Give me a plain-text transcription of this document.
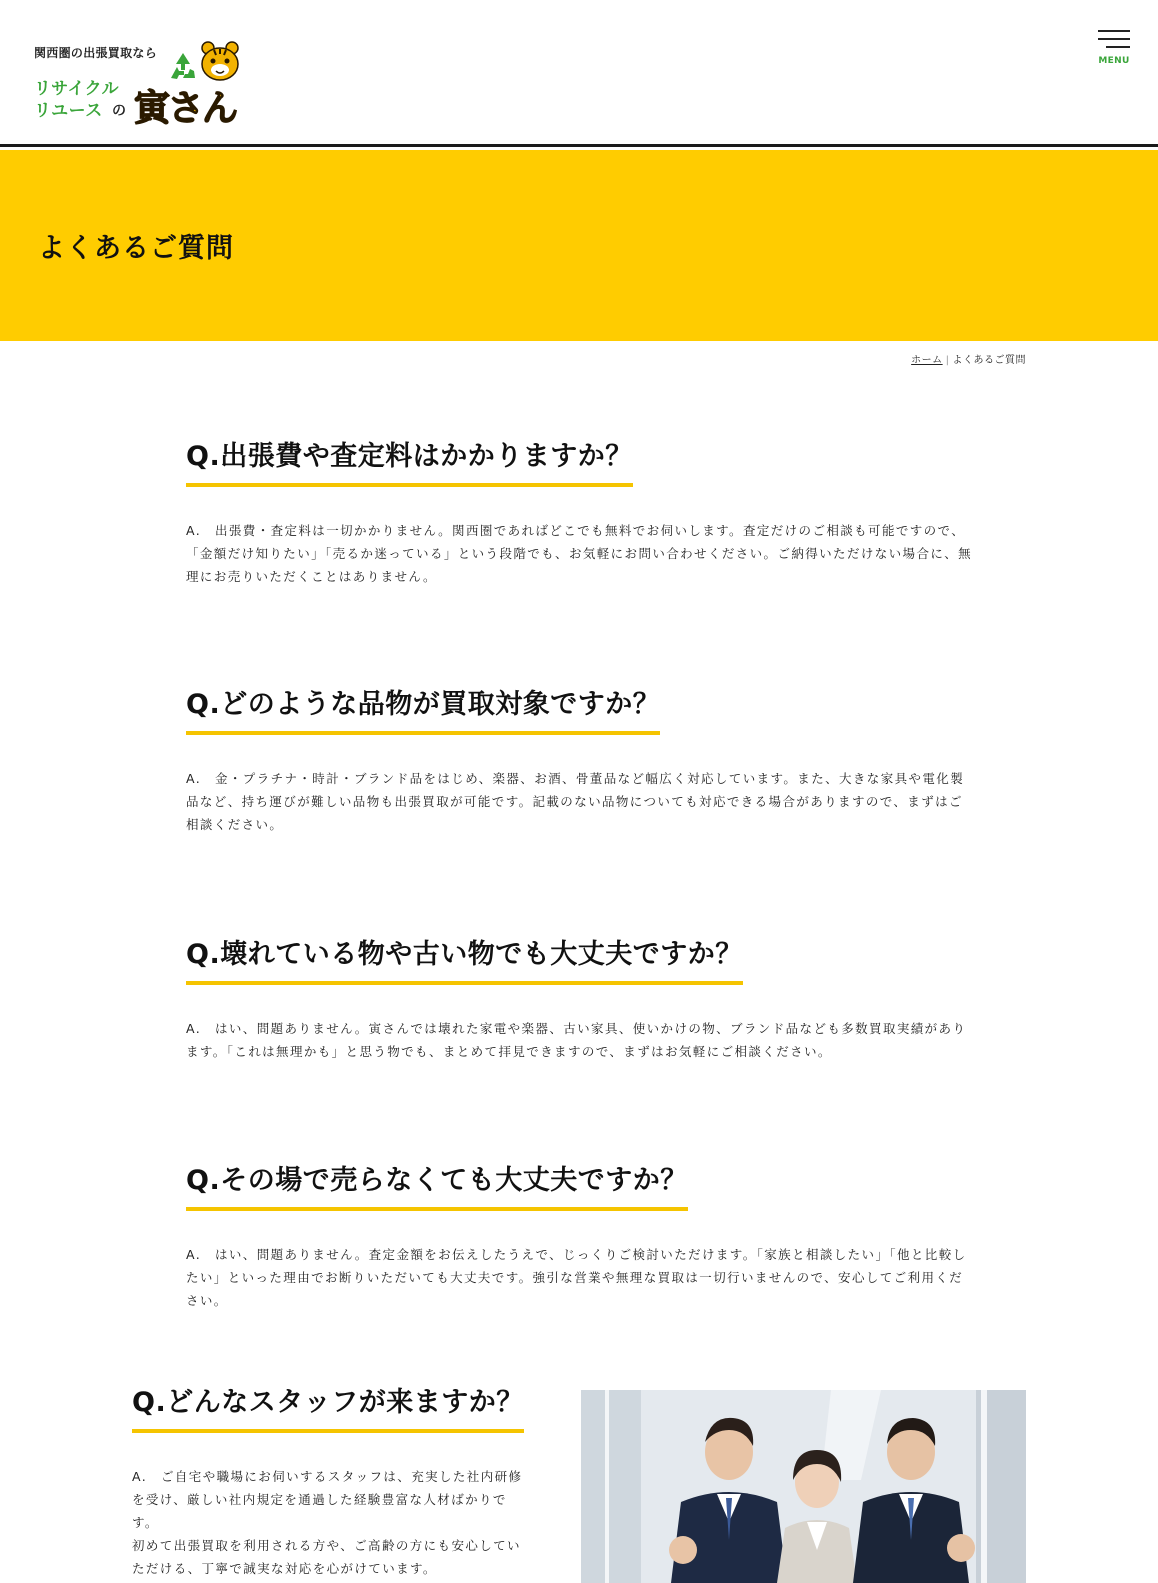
関西圏の出張買取なら
リサイクル
リユース の 寅さん
MENU
よくあるご質問
ホーム | よくあるご質問
Q.出張費や査定料はかかりますか？

A.　出張費・査定料は一切かかりません。関西圏であればどこでも無料でお伺いします。査定だけのご相談も可能ですので、「金額だけ知りたい」「売るか迷っている」という段階でも、お気軽にお問い合わせください。ご納得いただけない場合に、無理にお売りいただくことはありません。

Q.どのような品物が買取対象ですか？

A.　金・プラチナ・時計・ブランド品をはじめ、楽器、お酒、骨董品など幅広く対応しています。また、大きな家具や電化製品など、持ち運びが難しい品物も出張買取が可能です。記載のない品物についても対応できる場合がありますので、まずはご相談ください。

Q.壊れている物や古い物でも大丈夫ですか？

A.　はい、問題ありません。寅さんでは壊れた家電や楽器、古い家具、使いかけの物、ブランド品なども多数買取実績があります。「これは無理かも」と思う物でも、まとめて拝見できますので、まずはお気軽にご相談ください。

Q.その場で売らなくても大丈夫ですか？

A.　はい、問題ありません。査定金額をお伝えしたうえで、じっくりご検討いただけます。「家族と相談したい」「他と比較したい」といった理由でお断りいただいても大丈夫です。強引な営業や無理な買取は一切行いませんので、安心してご利用ください。

Q.どんなスタッフが来ますか？

A.　ご自宅や職場にお伺いするスタッフは、充実した社内研修を受け、厳しい社内規定を通過した経験豊富な人材ばかりです。
初めて出張買取を利用される方や、ご高齢の方にも安心していただける、丁寧で誠実な対応を心がけています。
